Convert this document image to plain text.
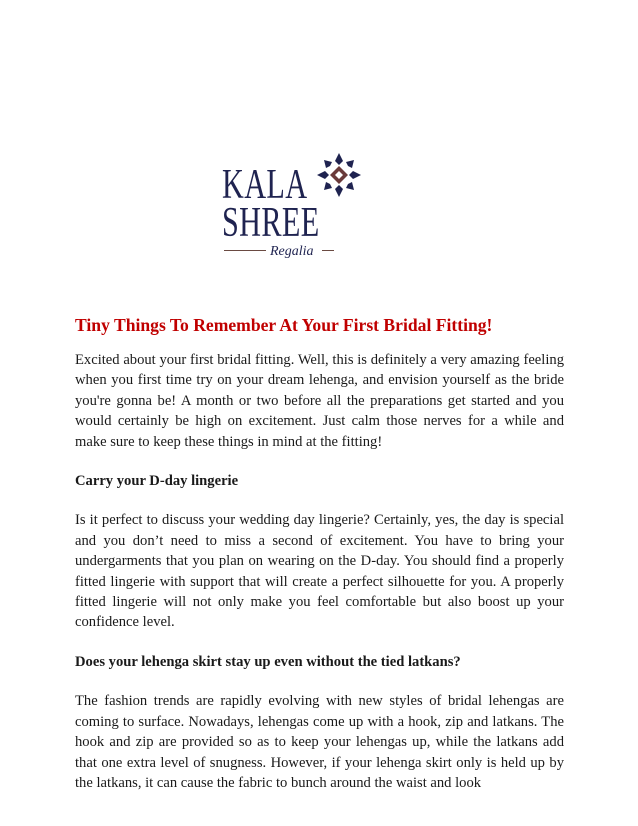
KALA
SHREE
Regalia
Tiny Things To Remember At Your First Bridal Fitting!

Excited about your first bridal fitting. Well, this is definitely a very amazing feeling when you first time try on your dream lehenga, and envision yourself as the bride you're gonna be! A month or two before all the preparations get started and you would certainly be high on excitement. Just calm those nerves for a while and make sure to keep these things in mind at the fitting!

Carry your D-day lingerie

Is it perfect to discuss your wedding day lingerie? Certainly, yes, the day is special and you don’t need to miss a second of excitement. You have to bring your undergarments that you plan on wearing on the D-day. You should find a properly fitted lingerie with support that will create a perfect silhouette for you. A properly fitted lingerie will not only make you feel comfortable but also boost up your confidence level.

Does your lehenga skirt stay up even without the tied latkans?

The fashion trends are rapidly evolving with new styles of bridal lehengas are coming to surface. Nowadays, lehengas come up with a hook, zip and latkans. The hook and zip are provided so as to keep your lehengas up, while the latkans add that one extra level of snugness. However, if your lehenga skirt only is held up by the latkans, it can cause the fabric to bunch around the waist and look
